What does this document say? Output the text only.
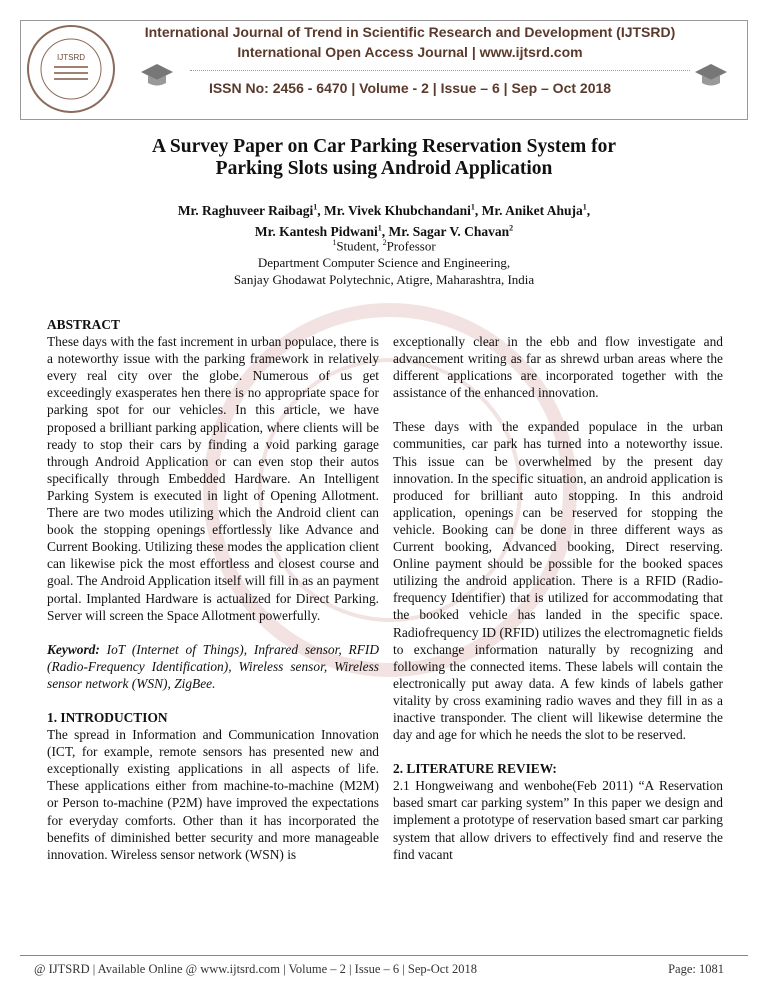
IJTSRD
International Journal of Trend in Scientific Research and Development (IJTSRD)
International Open Access Journal | www.ijtsrd.com
ISSN No: 2456 - 6470 | Volume - 2 | Issue – 6 | Sep – Oct 2018
A Survey Paper on Car Parking Reservation System for
Parking Slots using Android Application
Mr. Raghuveer Raibagi$^1$, Mr. Vivek Khubchandani$^1$, Mr. Aniket Ahuja$^1$,
Mr. Kantesh Pidwani$^1$, Mr. Sagar V. Chavan$^2$
$^1$Student, $^2$Professor
Department Computer Science and Engineering,
Sanjay Ghodawat Polytechnic, Atigre, Maharashtra, India
ABSTRACT

These days with the fast increment in urban populace, there is a noteworthy issue with the parking framework in relatively every real city over the globe. Numerous of us get exceedingly exasperates hen there is no appropriate space for parking spot for our vehicles. In this article, we have proposed a brilliant parking application, where clients will be ready to stop their cars by finding a void parking garage through Android Application or can even stop their autos specifically through Embedded Hardware. An Intelligent Parking System is executed in light of Opening Allotment. There are two modes utilizing which the Android client can book the stopping openings effortlessly like Advance and Current Booking. Utilizing these modes the application client can likewise pick the most effortless and closest course and goal. The Android Application itself will fill in as an payment portal. Implanted Hardware is actualized for Direct Parking. Server will screen the Space Allotment powerfully.

Keyword: IoT (Internet of Things), Infrared sensor, RFID (Radio-Frequency Identification), Wireless sensor, Wireless sensor network (WSN), ZigBee.

1. INTRODUCTION

The spread in Information and Communication Innovation (ICT, for example, remote sensors has presented new and exceptionally existing applications in all aspects of life. These applications either from machine-to-machine (M2M) or Person to-machine (P2M) have improved the expectations for everyday comforts. Other than it has incorporated the benefits of diminished better security and more manageable innovation. Wireless sensor network (WSN) is

exceptionally clear in the ebb and flow investigate and advancement writing as far as shrewd urban areas where the different applications are incorporated together with the assistance of the enhanced innovation.

These days with the expanded populace in the urban communities, car park has turned into a noteworthy issue. This issue can be overwhelmed by the present day innovation. In the specific situation, an android application is produced for brilliant auto stopping. In this android application, openings can be reserved for stopping the vehicle. Booking can be done in three different ways as Current booking, Advanced booking, Direct reserving. Online payment should be possible for the booked spaces utilizing the android application. There is a RFID (Radio-frequency Identifier) that is utilized for accommodating that the booked vehicle has landed in the specific space. Radiofrequency ID (RFID) utilizes the electromagnetic fields to exchange information naturally by recognizing and following the connected items. These labels will contain the electronically put away data. A few kinds of labels gather vitality by cross examining radio waves and they fill in as a inactive transponder. The client will likewise determine the day and age for which he needs the slot to be reserved.

2. LITERATURE REVIEW:

2.1 Hongweiwang and wenbohe(Feb 2011) “A Reservation based smart car parking system” In this paper we design and implement a prototype of reservation based smart car parking system that allow drivers to effectively find and reserve the find vacant

@ IJTSRD | Available Online @ www.ijtsrd.com | Volume – 2 | Issue – 6 | Sep-Oct 2018	Page: 1081
